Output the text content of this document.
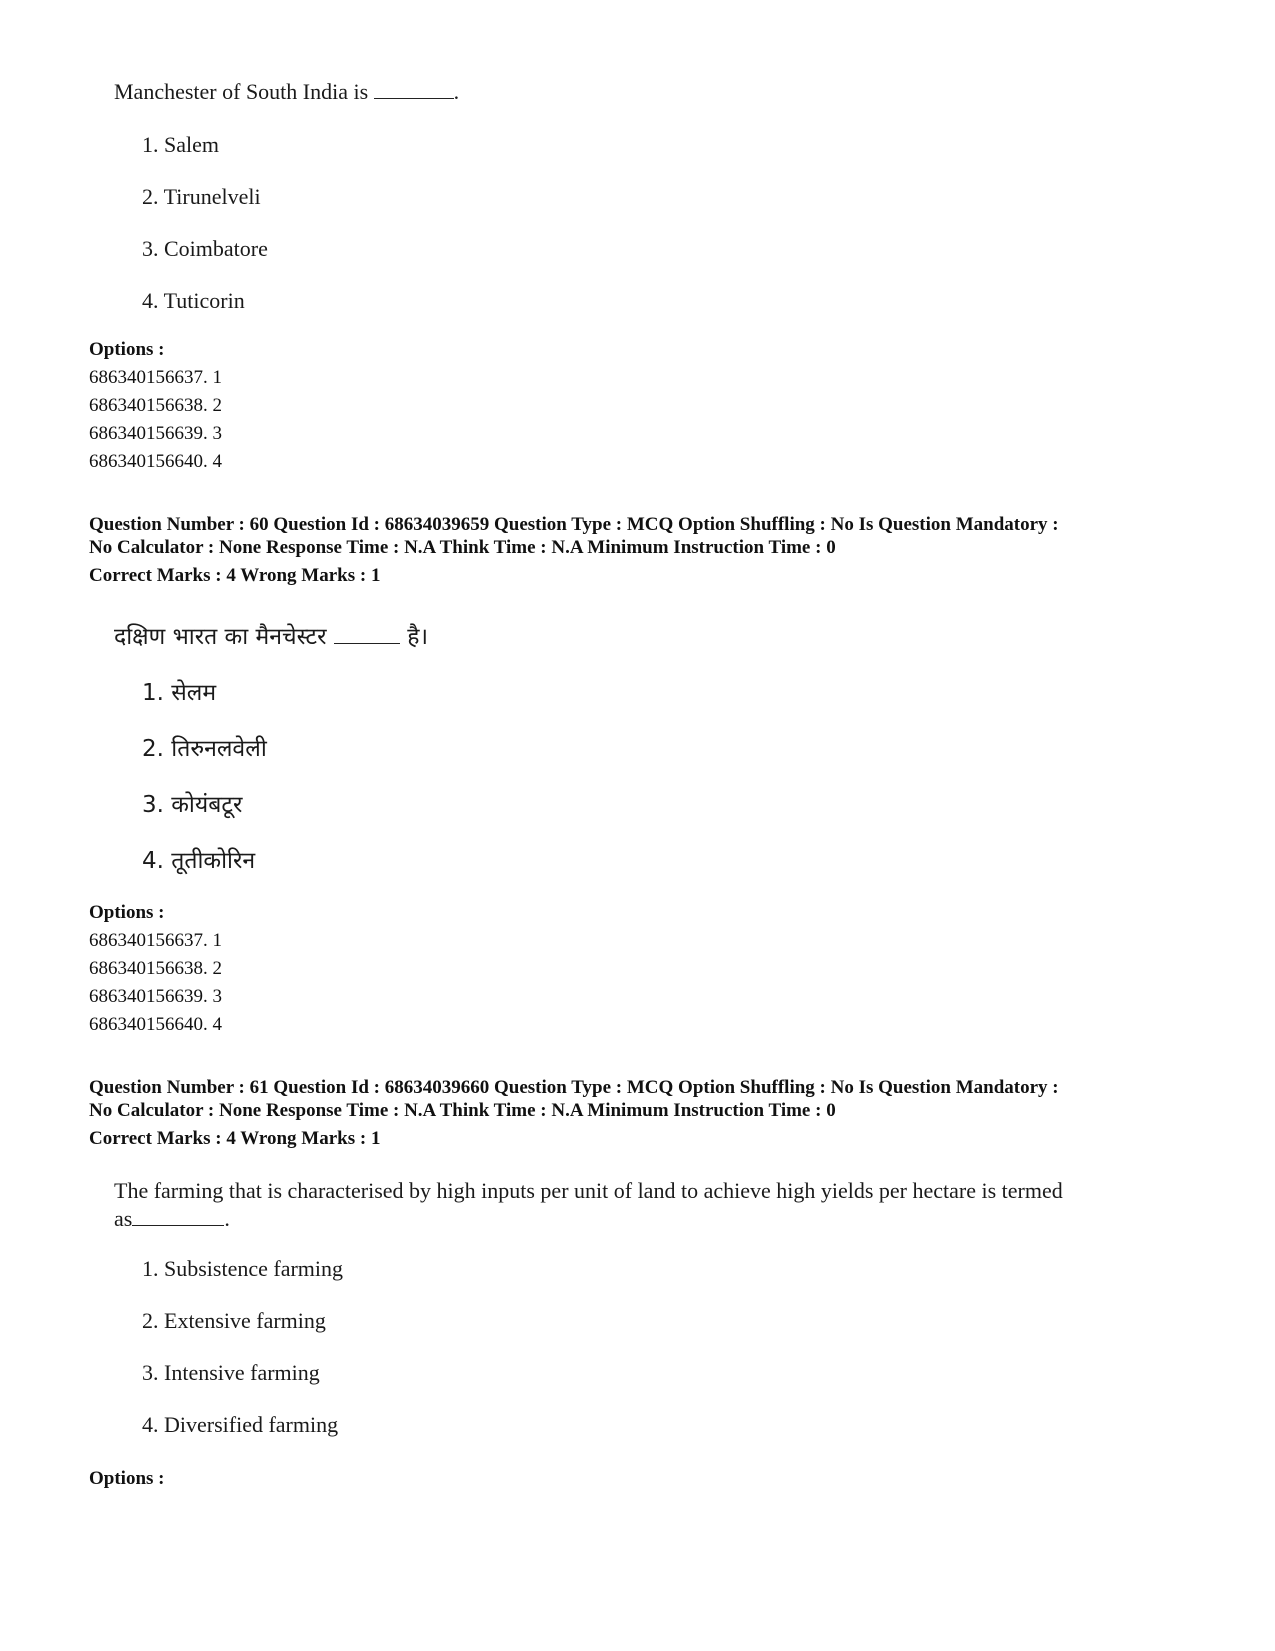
Manchester of South India is	.
1. Salem
2. Tirunelveli
3. Coimbatore
4. Tuticorin
Options :
686340156637. 1
686340156638. 2
686340156639. 3
686340156640. 4
Question Number : 60 Question Id : 68634039659 Question Type : MCQ Option Shuffling : No Is Question Mandatory :
No Calculator : None Response Time : N.A Think Time : N.A Minimum Instruction Time : 0
Correct Marks : 4 Wrong Marks : 1
दक्षिण भारत का मैनचेस्टर	है।
1. सेलम
2. तिरुनलवेली
3. कोयंबटूर
4. तूतीकोरिन
Options :
686340156637. 1
686340156638. 2
686340156639. 3
686340156640. 4
Question Number : 61 Question Id : 68634039660 Question Type : MCQ Option Shuffling : No Is Question Mandatory :
No Calculator : None Response Time : N.A Think Time : N.A Minimum Instruction Time : 0
Correct Marks : 4 Wrong Marks : 1
The farming that is characterised by high inputs per unit of land to achieve high yields per hectare is termed
as	.
1. Subsistence farming
2. Extensive farming
3. Intensive farming
4. Diversified farming
Options :
